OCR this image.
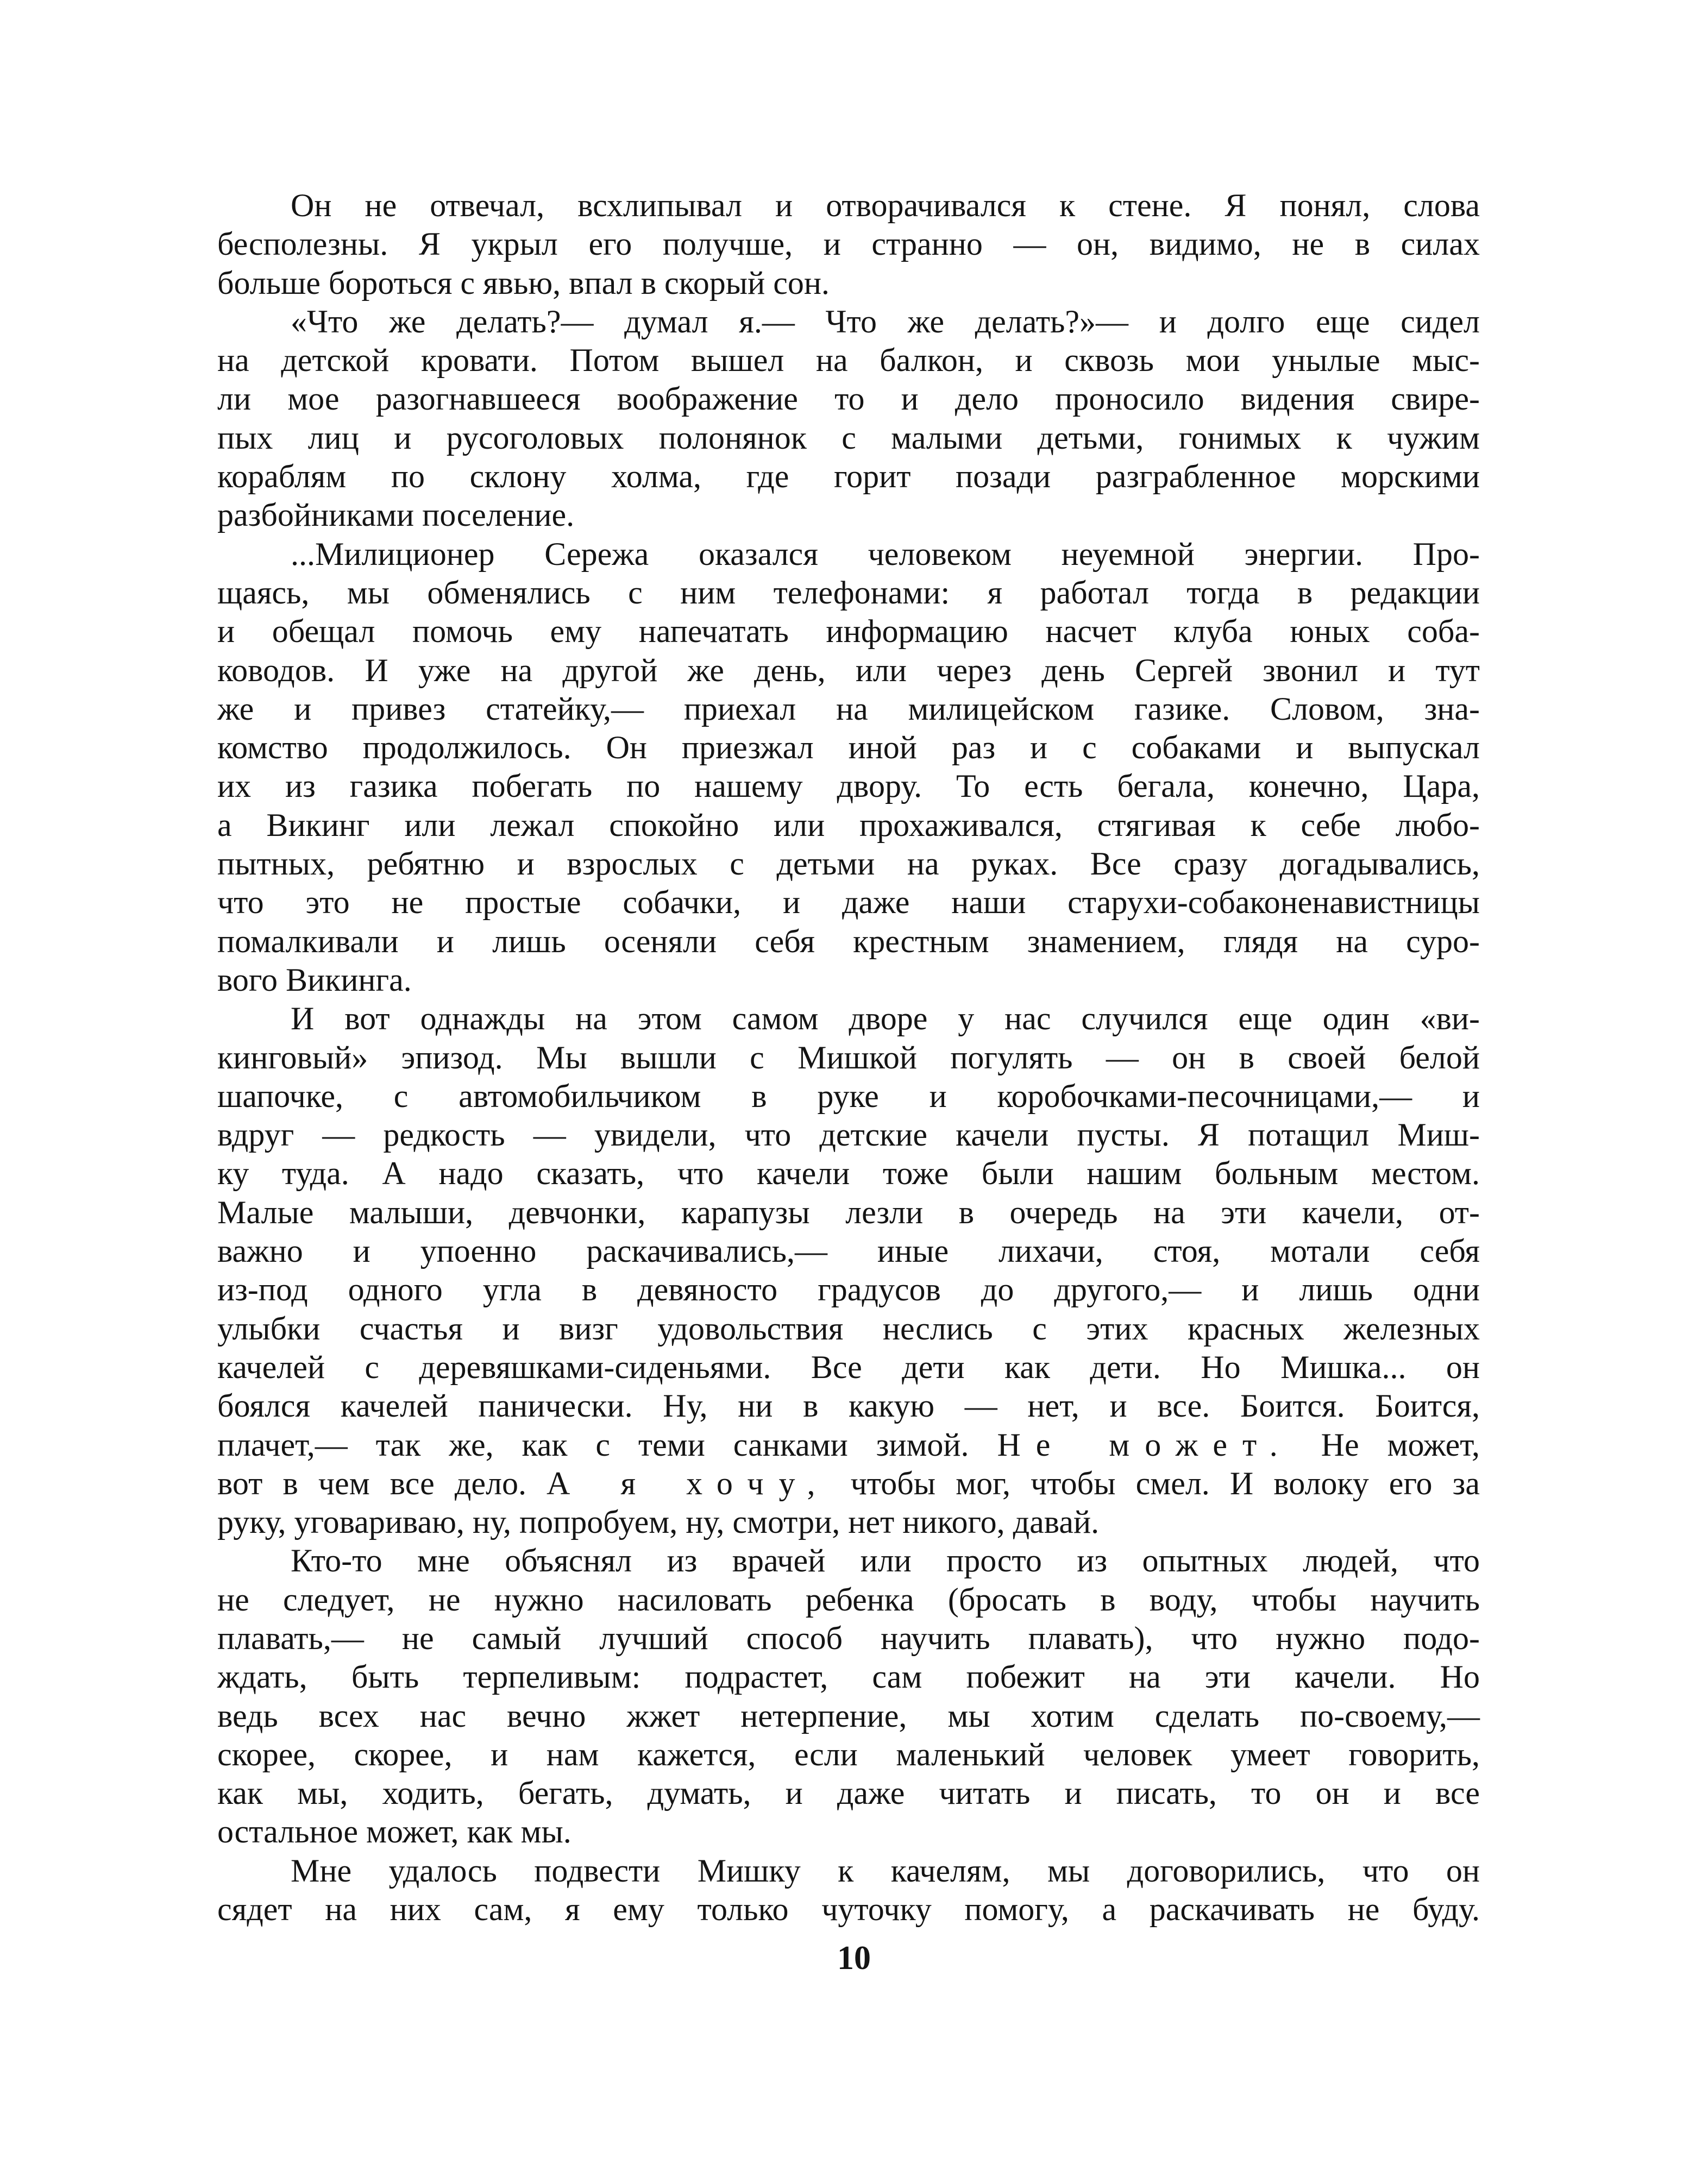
Он не отвечал, всхлипывал и отворачивался к стене. Я понял, слова
бесполезны. Я укрыл его получше, и странно — он, видимо, не в силах
больше бороться с явью, впал в скорый сон.

«Что же делать?— думал я.— Что же делать?»— и долго еще сидел
на детской кровати. Потом вышел на балкон, и сквозь мои унылые мыс-
ли мое разогнавшееся воображение то и дело проносило видения свире-
пых лиц и русоголовых полонянок с малыми детьми, гонимых к чужим
кораблям по склону холма, где горит позади разграбленное морскими
разбойниками поселение.

...Милиционер Сережа оказался человеком неуемной энергии. Про-
щаясь, мы обменялись с ним телефонами: я работал тогда в редакции
и обещал помочь ему напечатать информацию насчет клуба юных соба-
ководов. И уже на другой же день, или через день Сергей звонил и тут
же и привез статейку,— приехал на милицейском газике. Словом, зна-
комство продолжилось. Он приезжал иной раз и с собаками и выпускал
их из газика побегать по нашему двору. То есть бегала, конечно, Цара,
а Викинг или лежал спокойно или прохаживался, стягивая к себе любо-
пытных, ребятню и взрослых с детьми на руках. Все сразу догадывались,
что это не простые собачки, и даже наши старухи-собаконенавистницы
помалкивали и лишь осеняли себя крестным знамением, глядя на суро-
вого Викинга.

И вот однажды на этом самом дворе у нас случился еще один «ви-
кинговый» эпизод. Мы вышли с Мишкой погулять — он в своей белой
шапочке, с автомобильчиком в руке и коробочками-песочницами,— и
вдруг — редкость — увидели, что детские качели пусты. Я потащил Миш-
ку туда. А надо сказать, что качели тоже были нашим больным местом.
Малые малыши, девчонки, карапузы лезли в очередь на эти качели, от-
важно и упоенно раскачивались,— иные лихачи, стоя, мотали себя
из-под одного угла в девяносто градусов до другого,— и лишь одни
улыбки счастья и визг удовольствия неслись с этих красных железных
качелей с деревяшками-сиденьями. Все дети как дети. Но Мишка... он
боялся качелей панически. Ну, ни в какую — нет, и все. Боится. Боится,
плачет,— так же, как с теми санками зимой. Не может. Не может,
вот в чем все дело. А я хочу, чтобы мог, чтобы смел. И волоку его за
руку, уговариваю, ну, попробуем, ну, смотри, нет никого, давай.

Кто-то мне объяснял из врачей или просто из опытных людей, что
не следует, не нужно насиловать ребенка (бросать в воду, чтобы научить
плавать,— не самый лучший способ научить плавать), что нужно подо-
ждать, быть терпеливым: подрастет, сам побежит на эти качели. Но
ведь всех нас вечно жжет нетерпение, мы хотим сделать по-своему,—
скорее, скорее, и нам кажется, если маленький человек умеет говорить,
как мы, ходить, бегать, думать, и даже читать и писать, то он и все
остальное может, как мы.

Мне удалось подвести Мишку к качелям, мы договорились, что он
сядет на них сам, я ему только чуточку помогу, а раскачивать не буду.

10
